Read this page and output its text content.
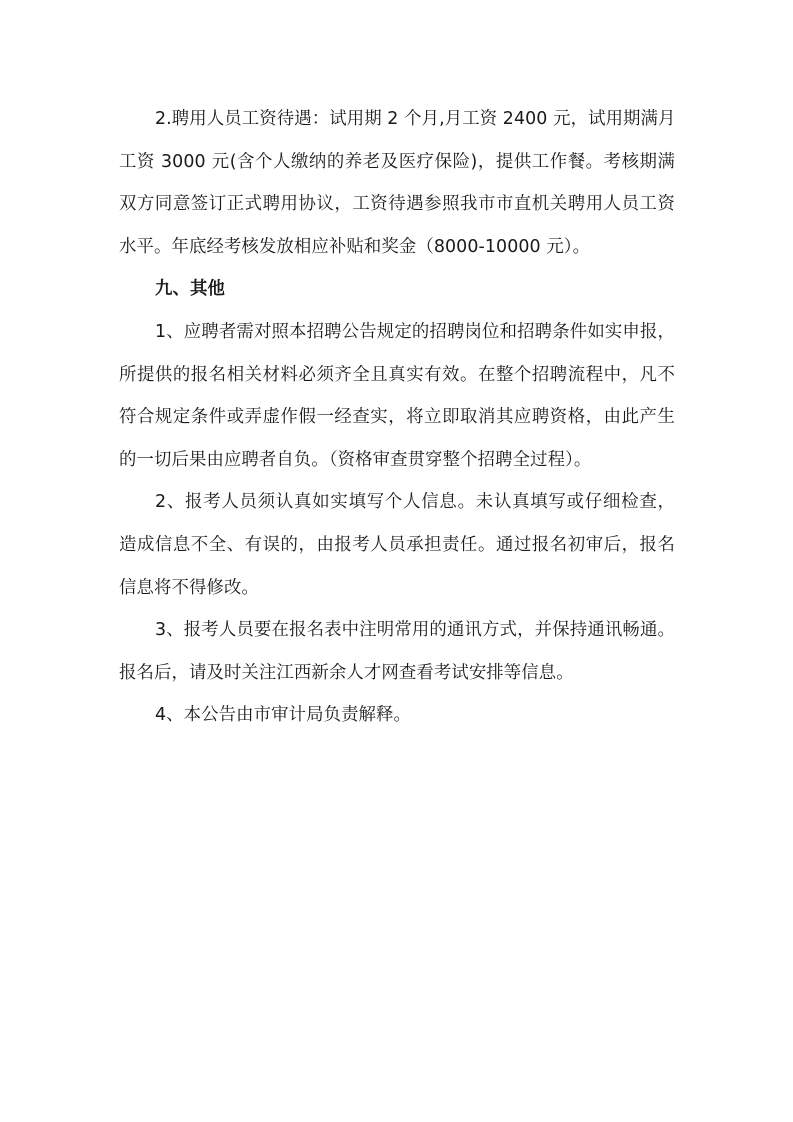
2.聘用人员工资待遇：试用期 2 个月,月工资 2400 元，试用期满月
工资 3000 元(含个人缴纳的养老及医疗保险)，提供工作餐。考核期满
双方同意签订正式聘用协议，工资待遇参照我市市直机关聘用人员工资
水平。年底经考核发放相应补贴和奖金（8000-10000 元）。
九、其他
1、应聘者需对照本招聘公告规定的招聘岗位和招聘条件如实申报，
所提供的报名相关材料必须齐全且真实有效。在整个招聘流程中，凡不
符合规定条件或弄虚作假一经查实，将立即取消其应聘资格，由此产生
的一切后果由应聘者自负。（资格审查贯穿整个招聘全过程）。
2、报考人员须认真如实填写个人信息。未认真填写或仔细检查，
造成信息不全、有误的，由报考人员承担责任。通过报名初审后，报名
信息将不得修改。
3、报考人员要在报名表中注明常用的通讯方式，并保持通讯畅通。
报名后，请及时关注江西新余人才网查看考试安排等信息。
4、本公告由市审计局负责解释。
